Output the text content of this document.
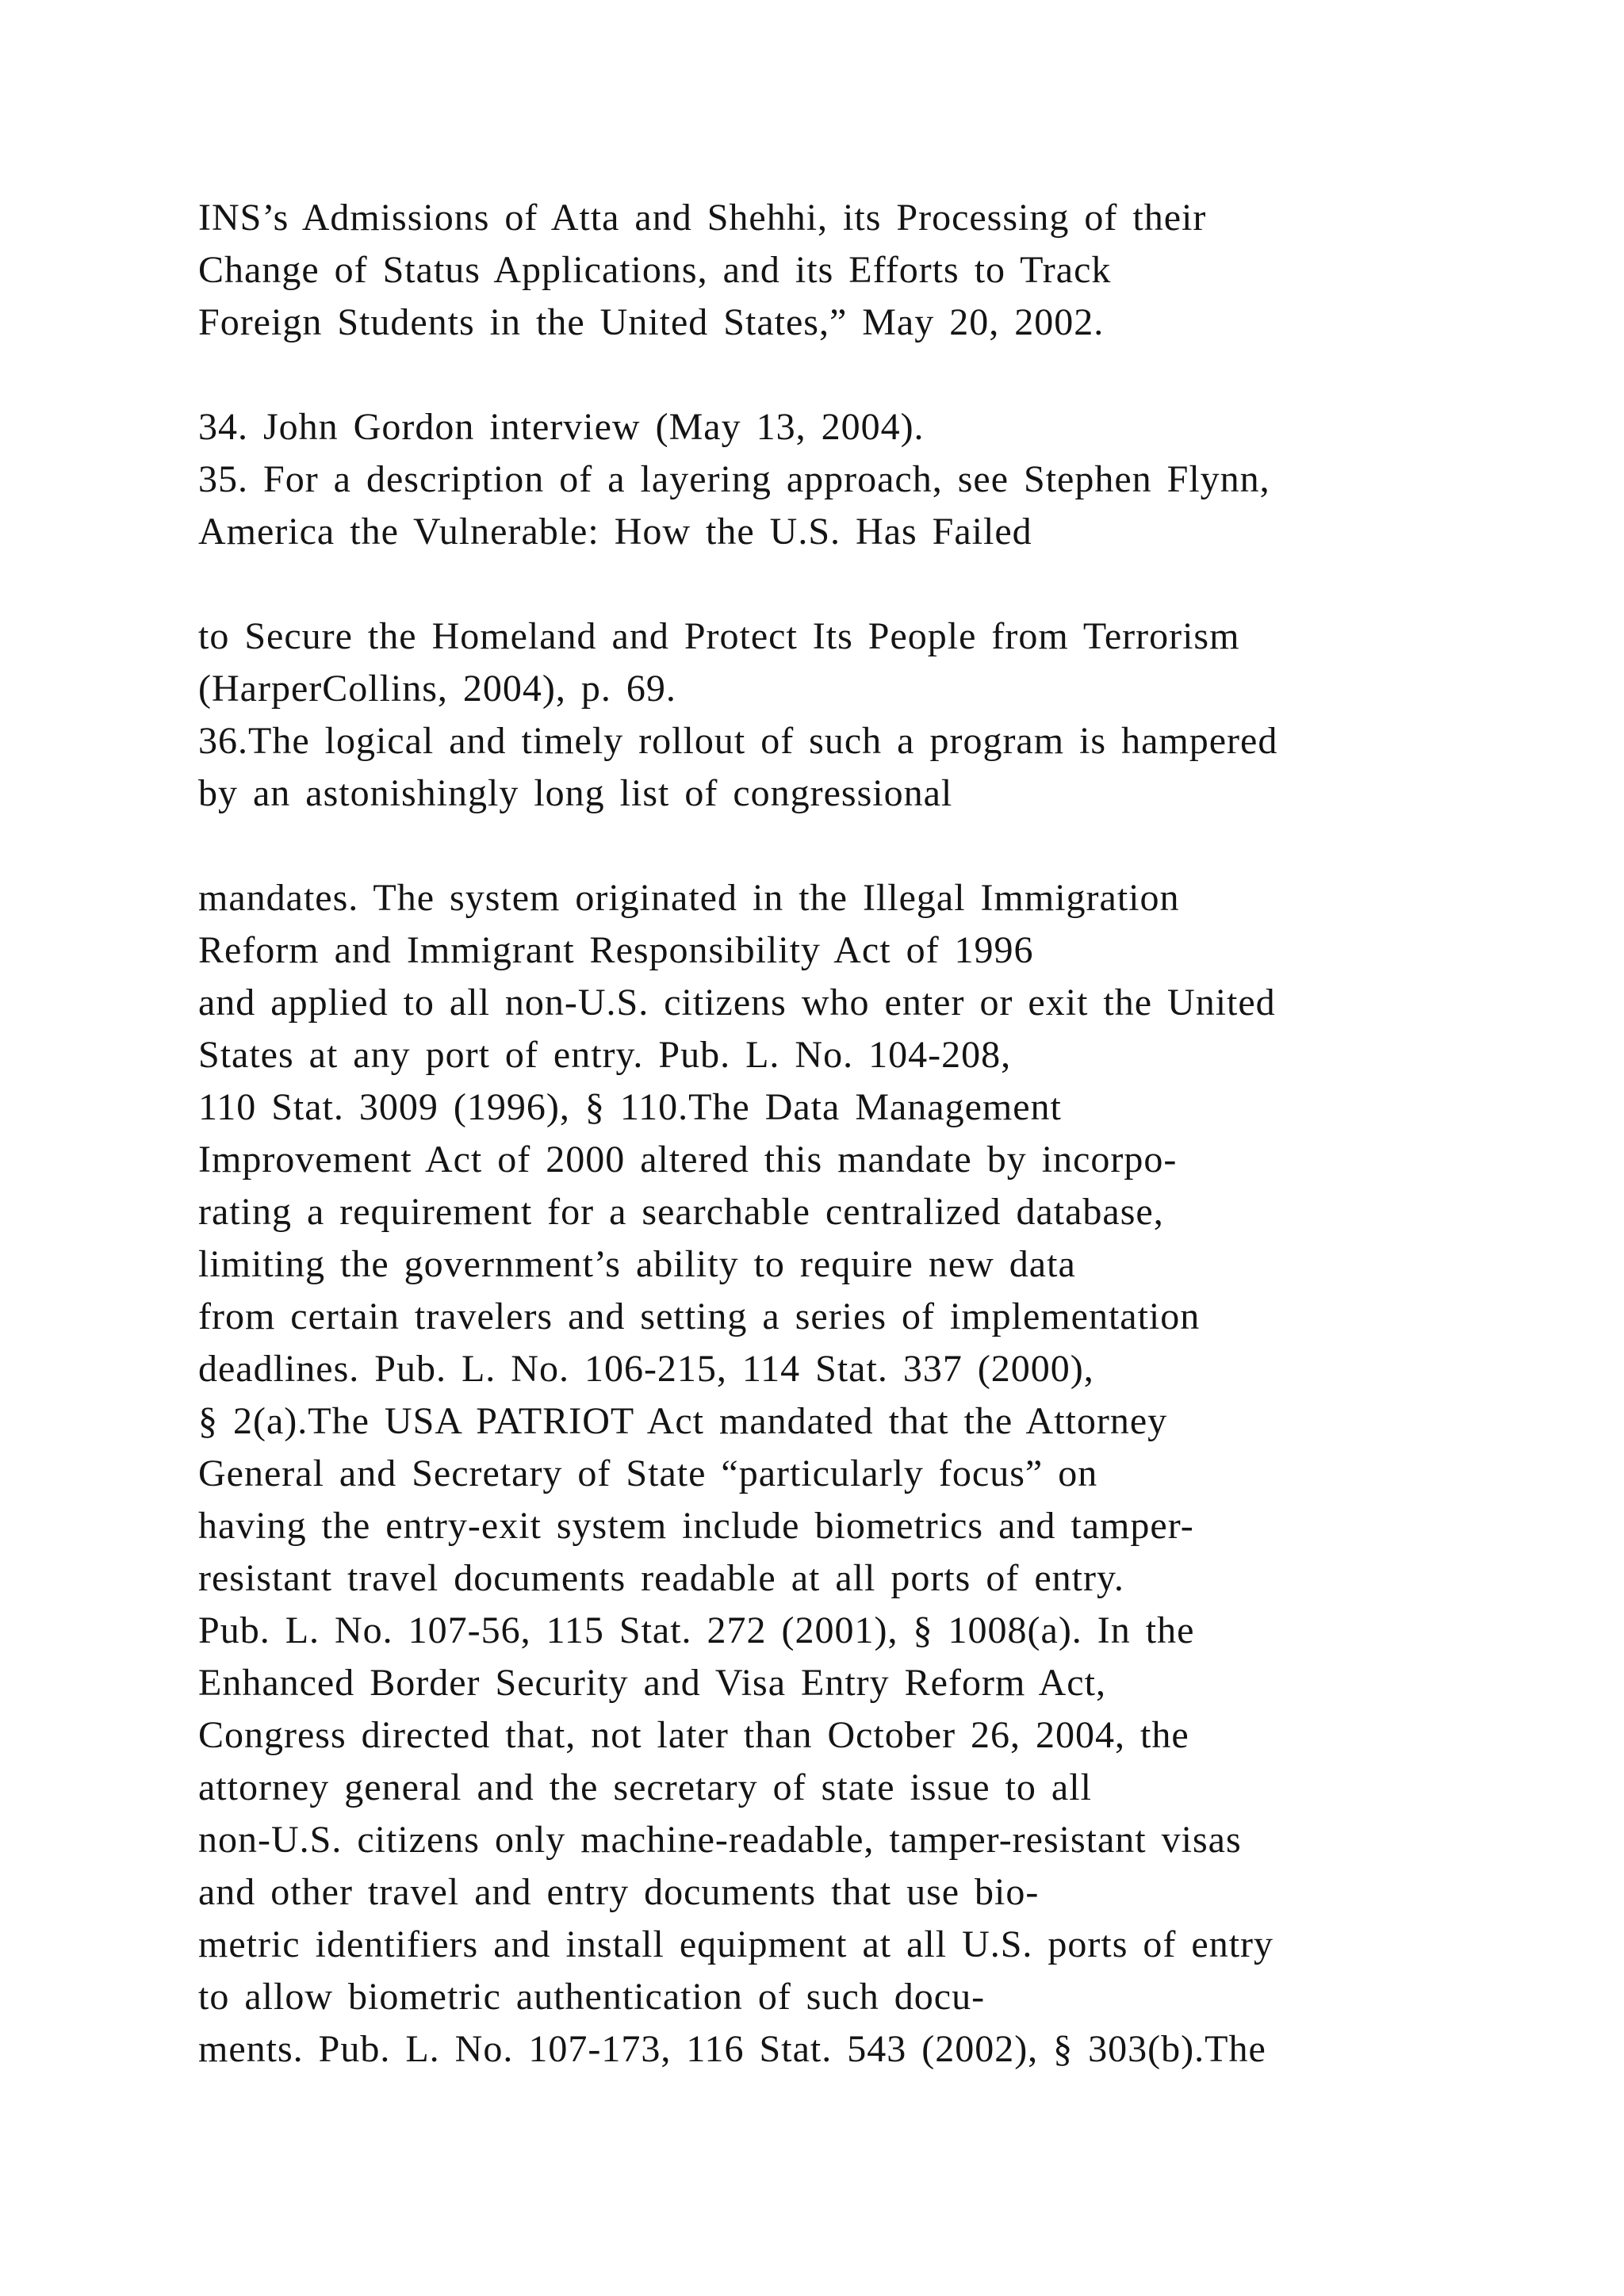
INS’s Admissions of Atta and Shehhi, its Processing of their
Change of Status Applications, and its Efforts to Track
Foreign Students in the United States,” May 20, 2002.
34. John Gordon interview (May 13, 2004).
35. For a description of a layering approach, see Stephen Flynn,
America the Vulnerable: How the U.S. Has Failed
to Secure the Homeland and Protect Its People from Terrorism
(HarperCollins, 2004), p. 69.
36.The logical and timely rollout of such a program is hampered
by an astonishingly long list of congressional
mandates. The system originated in the Illegal Immigration
Reform and Immigrant Responsibility Act of 1996
and applied to all non-U.S. citizens who enter or exit the United
States at any port of entry. Pub. L. No. 104-208,
110 Stat. 3009 (1996), § 110.The Data Management
Improvement Act of 2000 altered this mandate by incorpo-
rating a requirement for a searchable centralized database,
limiting the government’s ability to require new data
from certain travelers and setting a series of implementation
deadlines. Pub. L. No. 106-215, 114 Stat. 337 (2000),
§ 2(a).The USA PATRIOT Act mandated that the Attorney
General and Secretary of State “particularly focus” on
having the entry-exit system include biometrics and tamper-
resistant travel documents readable at all ports of entry.
Pub. L. No. 107-56, 115 Stat. 272 (2001), § 1008(a). In the
Enhanced Border Security and Visa Entry Reform Act,
Congress directed that, not later than October 26, 2004, the
attorney general and the secretary of state issue to all
non-U.S. citizens only machine-readable, tamper-resistant visas
and other travel and entry documents that use bio-
metric identifiers and install equipment at all U.S. ports of entry
to allow biometric authentication of such docu-
ments. Pub. L. No. 107-173, 116 Stat. 543 (2002), § 303(b).The
